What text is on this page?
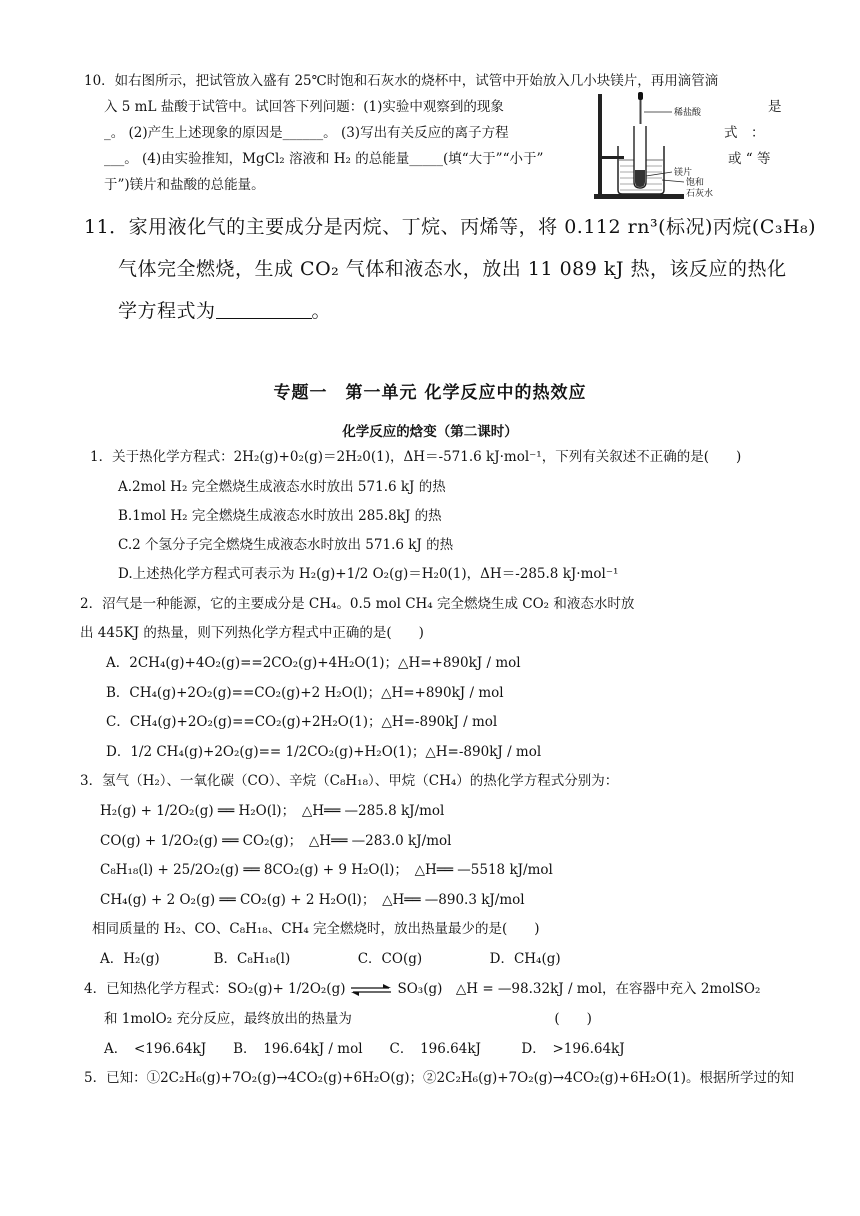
10．如右图所示，把试管放入盛有 25℃时饱和石灰水的烧杯中，试管中开始放入几小块镁片，再用滴管滴
入 5 mL 盐酸于试管中。试回答下列问题：(1)实验中观察到的现象	是
_。 (2)产生上述现象的原因是______。 (3)写出有关反应的离子方程	式　：
___。 (4)由实验推知，MgCl₂ 溶液和 H₂ 的总能量_____(填“大于”“小于”	或 “ 等
于”)镁片和盐酸的总能量。
稀盐酸
镁片
饱和
石灰水
11．家用液化气的主要成分是丙烷、丁烷、丙烯等，将 0.112 rn³(标况)丙烷(C₃H₈)
气体完全燃烧，生成 CO₂ 气体和液态水，放出 11 089 kJ 热，该反应的热化
学方程式为	。
专题一　第一单元 化学反应中的热效应
化学反应的焓变（第二课时）
1．关于热化学方程式：2H₂(g)+0₂(g)＝2H₂0(1)，ΔH＝-571.6 kJ·mol⁻¹，下列有关叙述不正确的是(　　)
A.2mol H₂ 完全燃烧生成液态水时放出 571.6 kJ 的热
B.1mol H₂ 完全燃烧生成液态水时放出 285.8kJ 的热
C.2 个氢分子完全燃烧生成液态水时放出 571.6 kJ 的热
D.上述热化学方程式可表示为 H₂(g)+1/2 O₂(g)＝H₂0(1)，ΔH＝-285.8 kJ·mol⁻¹
2．沼气是一种能源，它的主要成分是 CH₄。0.5 mol CH₄ 完全燃烧生成 CO₂ 和液态水时放
出 445KJ 的热量，则下列热化学方程式中正确的是(　　)
A．2CH₄(g)+4O₂(g)==2CO₂(g)+4H₂O(1)；△H=+890kJ / mol
B．CH₄(g)+2O₂(g)==CO₂(g)+2 H₂O(l)；△H=+890kJ / mol
C．CH₄(g)+2O₂(g)==CO₂(g)+2H₂O(1)；△H=-890kJ / mol
D．1/2 CH₄(g)+2O₂(g)== 1/2CO₂(g)+H₂O(1)；△H=-890kJ / mol
3．氢气（H₂）、一氧化碳（CO）、辛烷（C₈H₁₈）、甲烷（CH₄）的热化学方程式分别为：
H₂(g) + 1/2O₂(g) ══ H₂O(l)；　△H══ —285.8 kJ/mol
CO(g) + 1/2O₂(g) ══ CO₂(g)；　△H══ —283.0 kJ/mol
C₈H₁₈(l) + 25/2O₂(g) ══ 8CO₂(g) + 9 H₂O(l)；　△H══ —5518 kJ/mol
CH₄(g) + 2 O₂(g) ══ CO₂(g) + 2 H₂O(l)；　△H══ —890.3 kJ/mol
相同质量的 H₂、CO、C₈H₁₈、CH₄ 完全燃烧时，放出热量最少的是(　　)
A．H₂(g)　　　　B．C₈H₁₈(l)　　　　　C．CO(g)　　　　　D．CH₄(g)
4．已知热化学方程式：SO₂(g)+ 1/2O₂(g) ⇌ SO₃(g)　△H = —98.32kJ / mol，在容器中充入 2molSO₂
和 1molO₂ 充分反应，最终放出的热量为　　　　　　　　　　　　　　　(　　)
A．　<196.64kJ　　B．　196.64kJ / mol　　C．　196.64kJ　　　D．　>196.64kJ
5．已知：①2C₂H₆(g)+7O₂(g)→4CO₂(g)+6H₂O(g)；②2C₂H₆(g)+7O₂(g)→4CO₂(g)+6H₂O(1)。根据所学过的知
